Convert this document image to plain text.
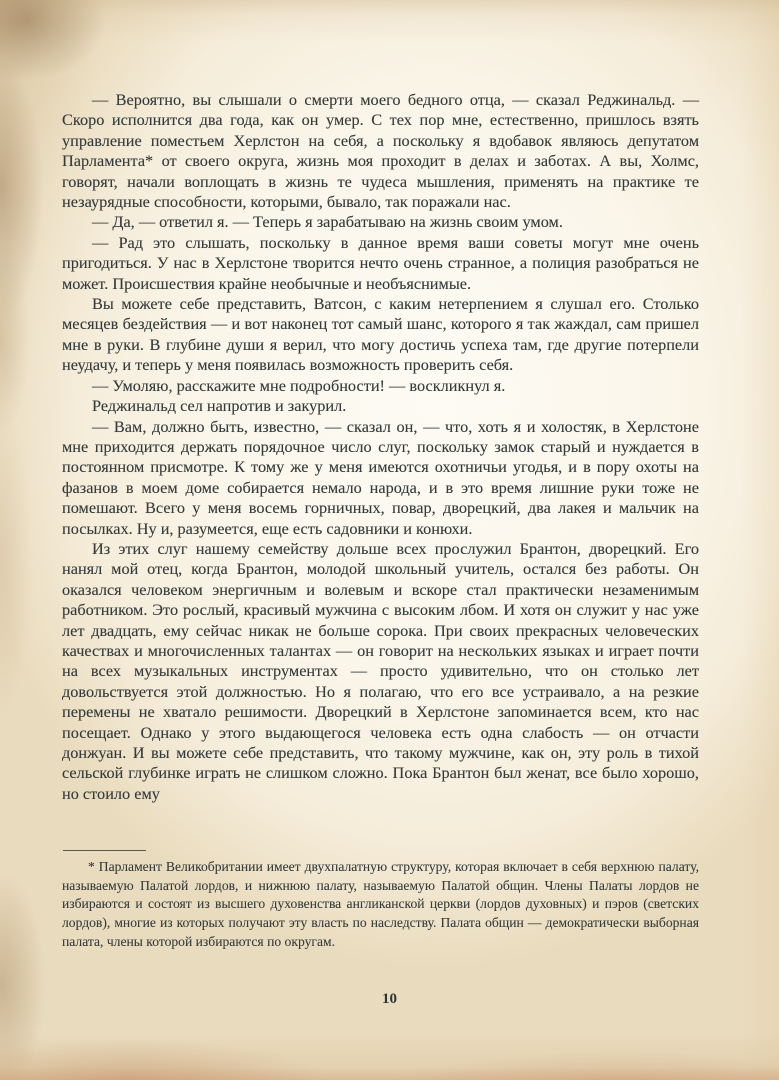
— Вероятно, вы слышали о смерти моего бедного отца, — сказал Реджинальд. — Скоро исполнится два года, как он умер. С тех пор мне, естественно, пришлось взять управление поместьем Херлстон на себя, а поскольку я вдобавок являюсь депутатом Парламента* от своего округа, жизнь моя проходит в делах и заботах. А вы, Холмс, говорят, начали воплощать в жизнь те чудеса мышления, применять на практике те незаурядные способности, которыми, бывало, так поражали нас.

— Да, — ответил я. — Теперь я зарабатываю на жизнь своим умом.

— Рад это слышать, поскольку в данное время ваши советы могут мне очень пригодиться. У нас в Херлстоне творится нечто очень странное, а полиция разобраться не может. Происшествия крайне необычные и необъяснимые.

Вы можете себе представить, Ватсон, с каким нетерпением я слушал его. Столько месяцев бездействия — и вот наконец тот самый шанс, которого я так жаждал, сам пришел мне в руки. В глубине души я верил, что могу достичь успеха там, где другие потерпели неудачу, и теперь у меня появилась возможность проверить себя.

— Умоляю, расскажите мне подробности! — воскликнул я.

Реджинальд сел напротив и закурил.

— Вам, должно быть, известно, — сказал он, — что, хоть я и холостяк, в Херлстоне мне приходится держать порядочное число слуг, поскольку замок старый и нуждается в постоянном присмотре. К тому же у меня имеются охотничьи угодья, и в пору охоты на фазанов в моем доме собирается немало народа, и в это время лишние руки тоже не помешают. Всего у меня восемь горничных, повар, дворецкий, два лакея и мальчик на посылках. Ну и, разумеется, еще есть садовники и конюхи.

Из этих слуг нашему семейству дольше всех прослужил Брантон, дворецкий. Его нанял мой отец, когда Брантон, молодой школьный учитель, остался без работы. Он оказался человеком энергичным и волевым и вскоре стал практически незаменимым работником. Это рослый, красивый мужчина с высоким лбом. И хотя он служит у нас уже лет двадцать, ему сейчас никак не больше сорока. При своих прекрасных человеческих качествах и многочисленных талантах — он говорит на нескольких языках и играет почти на всех музыкальных инструментах — просто удивительно, что он столько лет довольствуется этой должностью. Но я полагаю, что его все устраивало, а на резкие перемены не хватало решимости. Дворецкий в Херлстоне запоминается всем, кто нас посещает. Однако у этого выдающегося человека есть одна слабость — он отчасти донжуан. И вы можете себе представить, что такому мужчине, как он, эту роль в тихой сельской глубинке играть не слишком сложно. Пока Брантон был женат, все было хорошо, но стоило ему

* Парламент Великобритании имеет двухпалатную структуру, которая включает в себя верхнюю палату, называемую Палатой лордов, и нижнюю палату, называемую Палатой общин. Члены Палаты лордов не избираются и состоят из высшего духовенства англиканской церкви (лордов духовных) и пэров (светских лордов), многие из которых получают эту власть по наследству. Палата общин — демократически выборная палата, члены которой избираются по округам.

10
